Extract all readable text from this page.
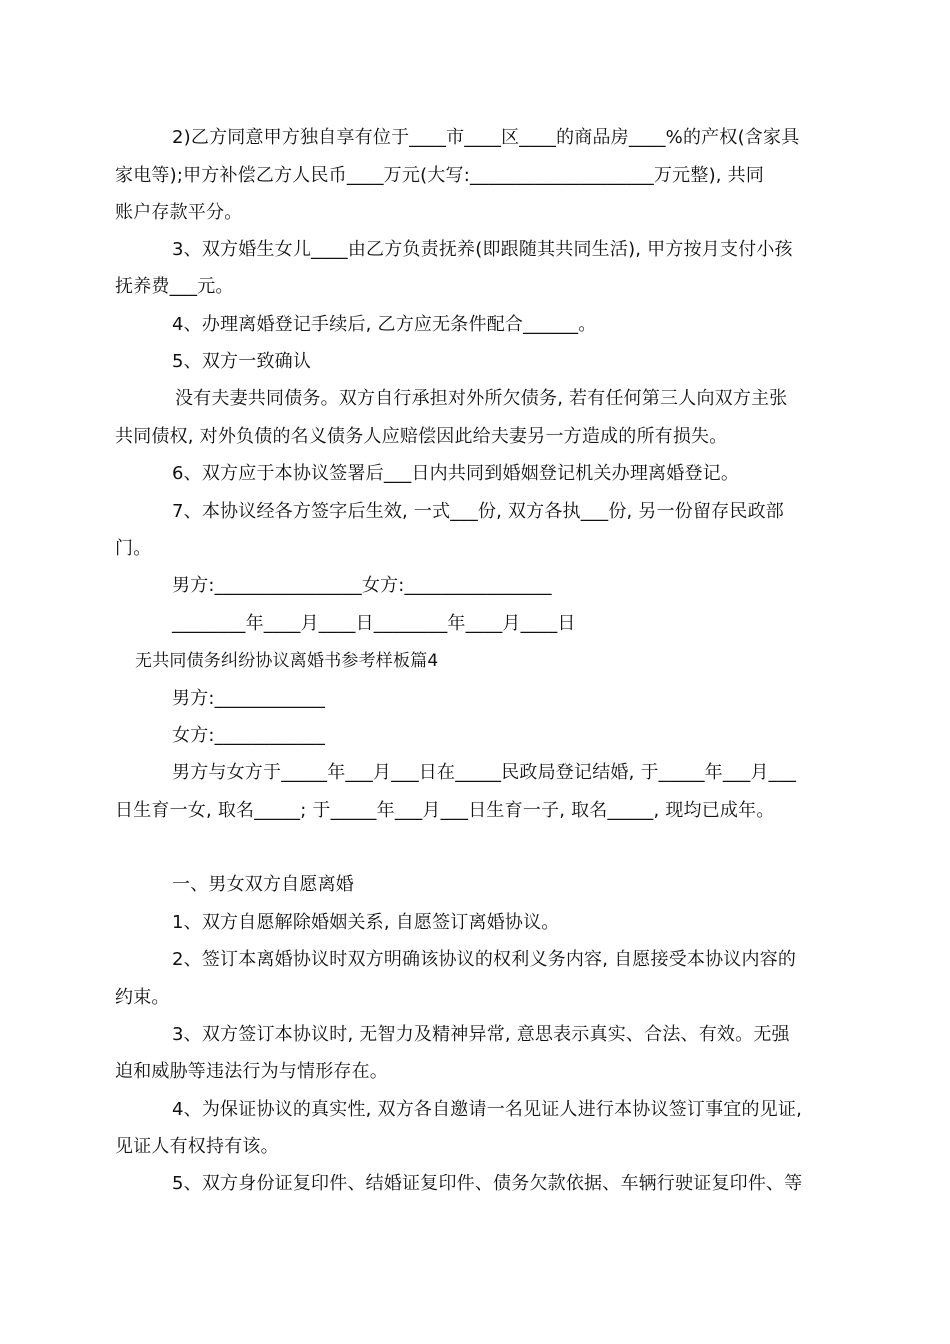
2)乙方同意甲方独自享有位于____市____区____的商品房____%的产权(含家具
家电等);甲方补偿乙方人民币____万元(大写:____________________万元整), 共同
账户存款平分。
3、双方婚生女儿____由乙方负责抚养(即跟随其共同生活), 甲方按月支付小孩
抚养费___元。
4、办理离婚登记手续后, 乙方应无条件配合______。
5、双方一致确认
没有夫妻共同债务。双方自行承担对外所欠债务, 若有任何第三人向双方主张
共同债权, 对外负债的名义债务人应赔偿因此给夫妻另一方造成的所有损失。
6、双方应于本协议签署后___日内共同到婚姻登记机关办理离婚登记。
7、本协议经各方签字后生效, 一式___份, 双方各执___份, 另一份留存民政部
门。
男方:________________女方:________________
________年____月____日________年____月____日
无共同债务纠纷协议离婚书参考样板篇4
男方:____________
女方:____________
男方与女方于_____年___月___日在_____民政局登记结婚, 于_____年___月___
日生育一女, 取名_____; 于_____年___月___日生育一子, 取名_____, 现均已成年。
一、男女双方自愿离婚
1、双方自愿解除婚姻关系, 自愿签订离婚协议。
2、签订本离婚协议时双方明确该协议的权利义务内容, 自愿接受本协议内容的
约束。
3、双方签订本协议时, 无智力及精神异常, 意思表示真实、合法、有效。无强
迫和威胁等违法行为与情形存在。
4、为保证协议的真实性, 双方各自邀请一名见证人进行本协议签订事宜的见证,
见证人有权持有该。
5、双方身份证复印件、结婚证复印件、债务欠款依据、车辆行驶证复印件、等
